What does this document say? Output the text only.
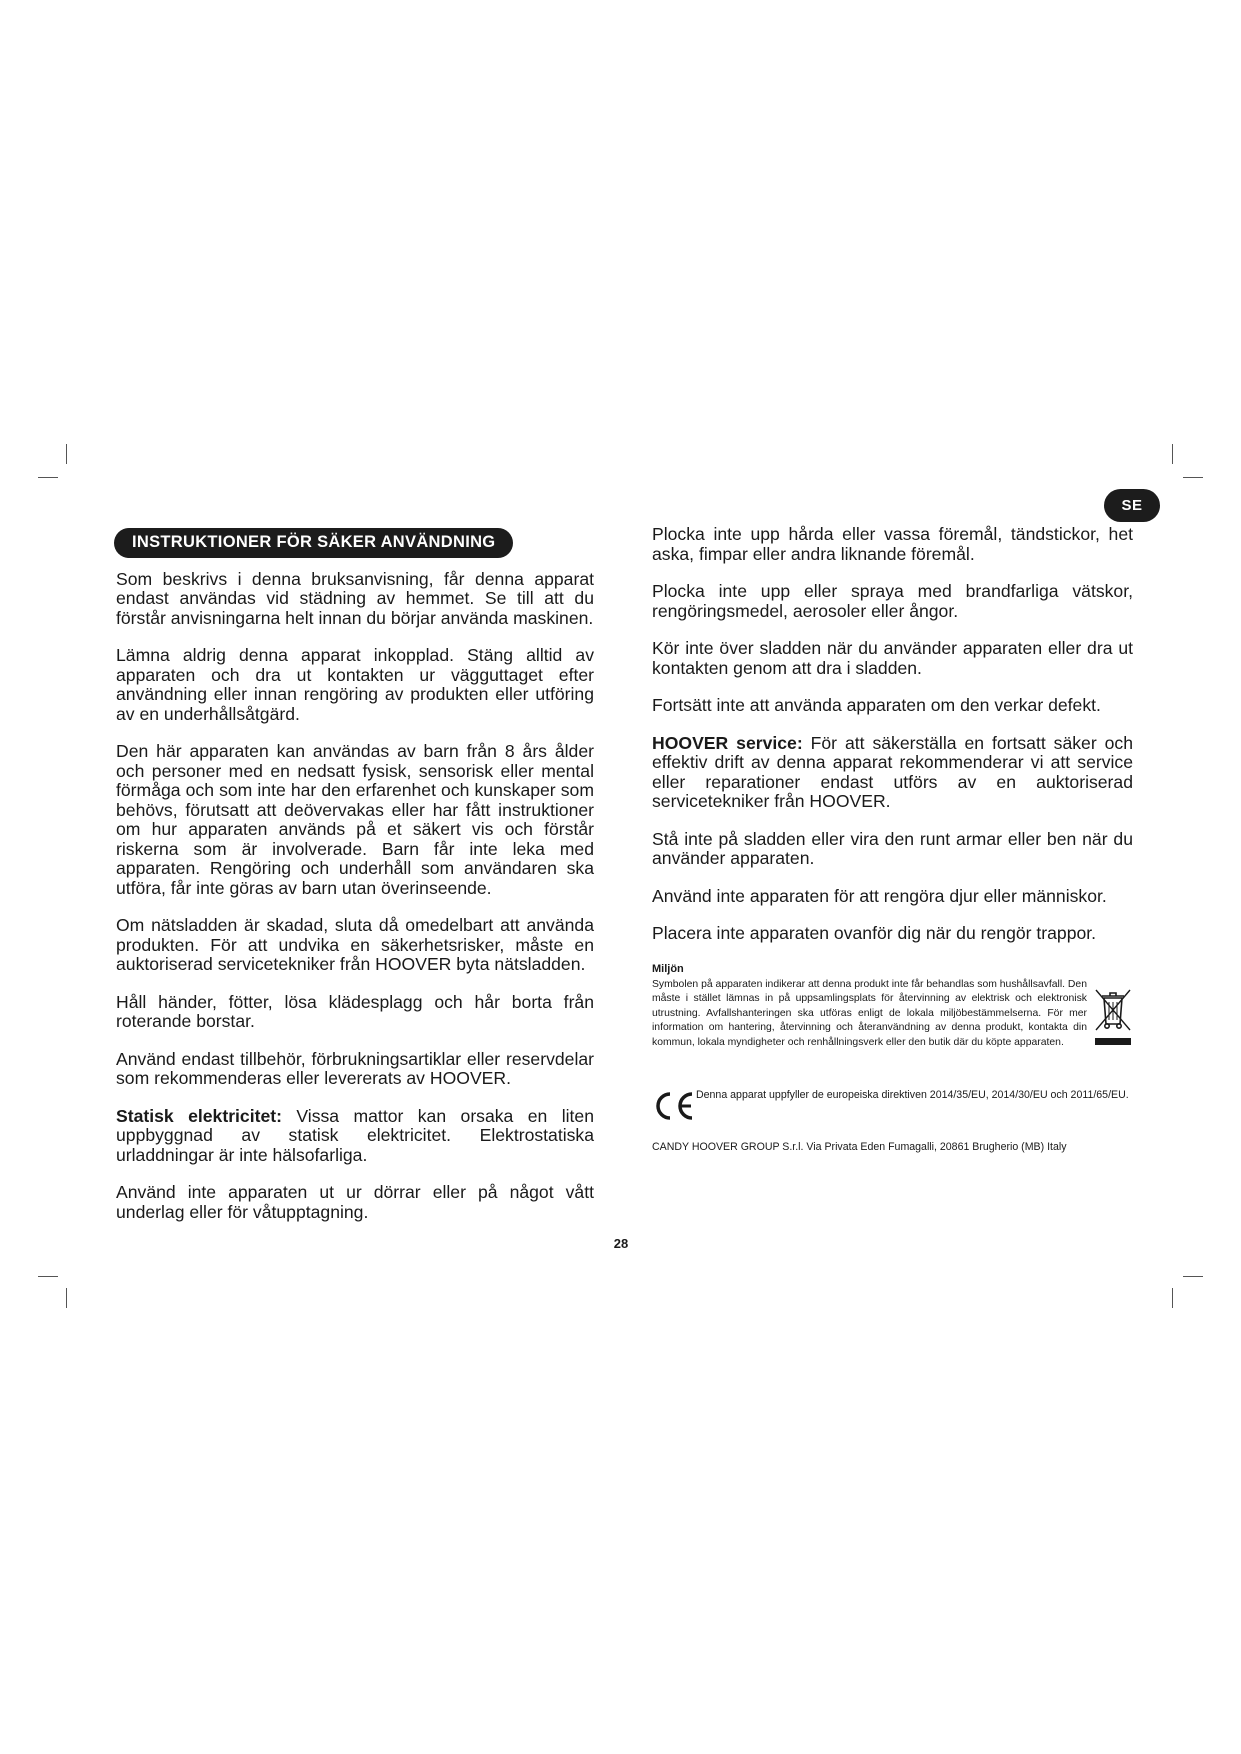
SE
INSTRUKTIONER FÖR SÄKER ANVÄNDNING

Som beskrivs i denna bruksanvisning, får denna apparat endast användas vid städning av hemmet. Se till att du förstår anvisningarna helt innan du börjar använda maskinen.

Lämna aldrig denna apparat inkopplad. Stäng alltid av apparaten och dra ut kontakten ur vägguttaget efter användning eller innan rengöring av produkten eller utföring av en underhållsåtgärd.

Den här apparaten kan användas av barn från 8 års ålder och personer med en nedsatt fysisk, sensorisk eller mental förmåga och som inte har den erfarenhet och kunskaper som behövs, förutsatt att deövervakas eller har fått instruktioner om hur apparaten används på et säkert vis och förstår riskerna som är involverade. Barn får inte leka med apparaten. Rengöring och underhåll som användaren ska utföra, får inte göras av barn utan överinseende.

Om nätsladden är skadad, sluta då omedelbart att använda produkten. För att undvika en säkerhetsrisker, måste en auktoriserad servicetekniker från HOOVER byta nätsladden.

Håll händer, fötter, lösa klädesplagg och hår borta från roterande borstar.

Använd endast tillbehör, förbrukningsartiklar eller reservdelar som rekommenderas eller levererats av HOOVER.

Statisk elektricitet: Vissa mattor kan orsaka en liten uppbyggnad av statisk elektricitet. Elektrostatiska urladdningar är inte hälsofarliga.

Använd inte apparaten ut ur dörrar eller på något vått underlag eller för våtupptagning.

Plocka inte upp hårda eller vassa föremål, tändstickor, het aska, fimpar eller andra liknande föremål.

Plocka inte upp eller spraya med brandfarliga vätskor, rengöringsmedel, aerosoler eller ångor.

Kör inte över sladden när du använder apparaten eller dra ut kontakten genom att dra i sladden.

Fortsätt inte att använda apparaten om den verkar defekt.

HOOVER service: För att säkerställa en fortsatt säker och effektiv drift av denna apparat rekommenderar vi att service eller reparationer endast utförs av en auktoriserad servicetekniker från HOOVER.

Stå inte på sladden eller vira den runt armar eller ben när du använder apparaten.

Använd inte apparaten för att rengöra djur eller människor.

Placera inte apparaten ovanför dig när du rengör trappor.

Miljön

Symbolen på apparaten indikerar att denna produkt inte får behandlas som hushållsavfall. Den måste i stället lämnas in på uppsamlingsplats för återvinning av elektrisk och elektronisk utrustning. Avfallshanteringen ska utföras enligt de lokala miljöbestämmelserna. För mer information om hantering, återvinning och återanvändning av denna produkt, kontakta din kommun, lokala myndigheter och renhållningsverk eller den butik där du köpte apparaten.

Denna apparat uppfyller de europeiska direktiven 2014/35/EU, 2014/30/EU och 2011/65/EU.

CANDY HOOVER GROUP S.r.l. Via Privata Eden Fumagalli, 20861 Brugherio (MB) Italy
28
